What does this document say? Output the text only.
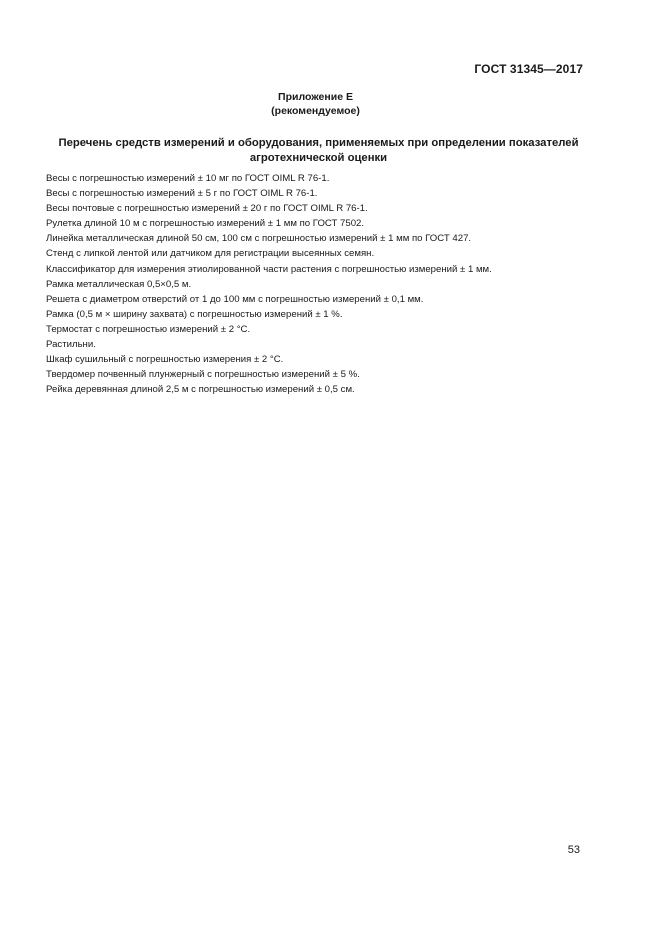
ГОСТ 31345—2017
Приложение Е
(рекомендуемое)
Перечень средств измерений и оборудования, применяемых при определении показателей
агротехнической оценки
Весы с погрешностью измерений ± 10 мг по ГОСТ OIML R 76-1.
Весы с погрешностью измерений ± 5 г по ГОСТ OIML R 76-1.
Весы почтовые с погрешностью измерений ± 20 г по ГОСТ OIML R 76-1.
Рулетка длиной 10 м с погрешностью измерений ± 1 мм по ГОСТ 7502.
Линейка металлическая длиной 50 см, 100 см с погрешностью измерений ± 1 мм по ГОСТ 427.
Стенд с липкой лентой или датчиком для регистрации высеянных семян.
Классификатор для измерения этиолированной части растения с погрешностью измерений ± 1 мм.
Рамка металлическая 0,5×0,5 м.
Решета с диаметром отверстий от 1 до 100 мм с погрешностью измерений ± 0,1 мм.
Рамка (0,5 м × ширину захвата) с погрешностью измерений ± 1 %.
Термостат с погрешностью измерений ± 2 °С.
Растильни.
Шкаф сушильный с погрешностью измерения ± 2 °С.
Твердомер почвенный плунжерный с погрешностью измерений ± 5 %.
Рейка деревянная длиной 2,5 м с погрешностью измерений ± 0,5 см.
53
